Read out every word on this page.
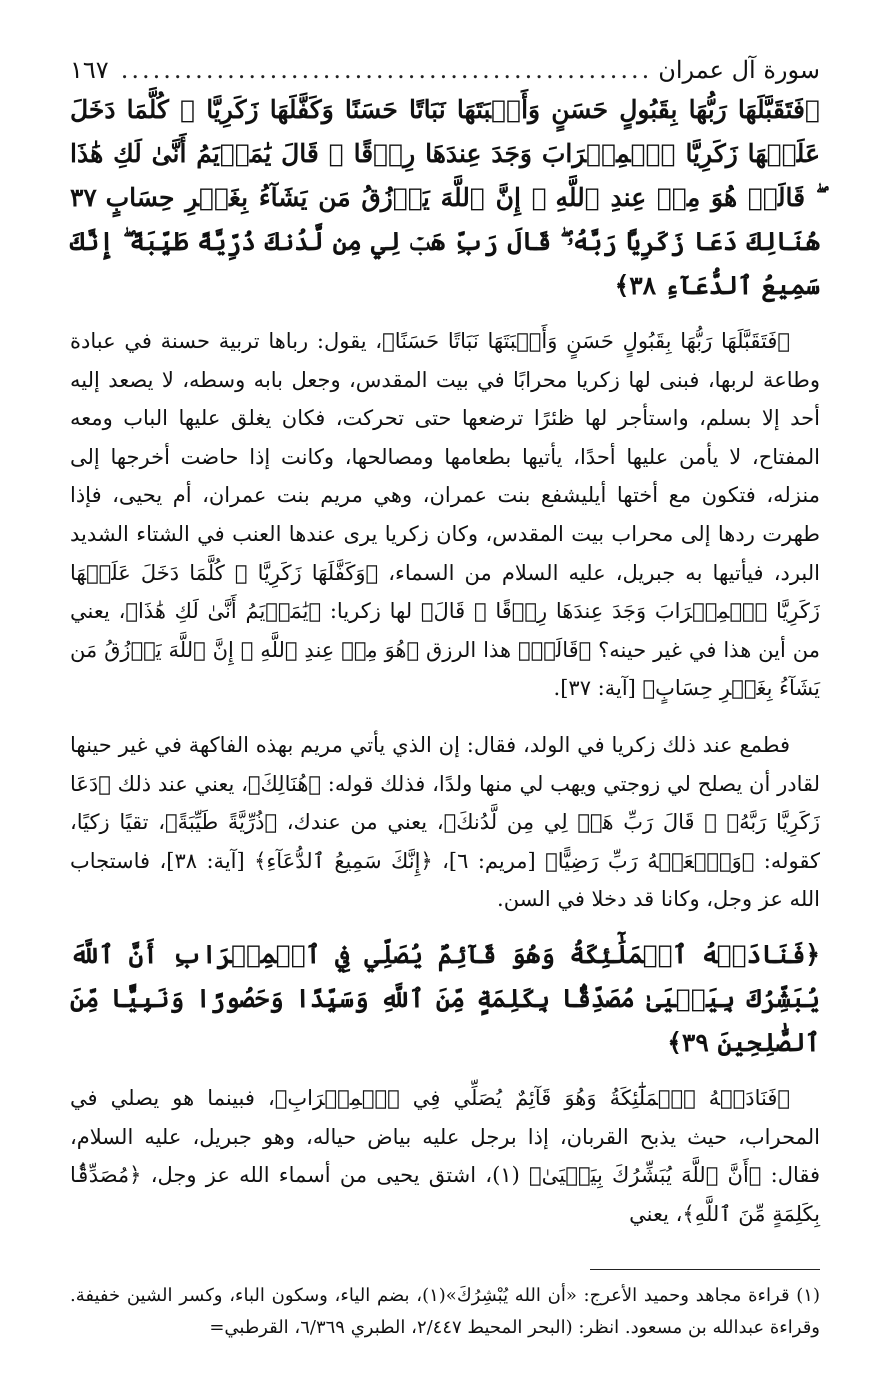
سورة آل عمران
..................................................
١٦٧

﴿فَتَقَبَّلَهَا رَبُّهَا بِقَبُولٍ حَسَنٍ وَأَنۢبَتَهَا نَبَاتًا حَسَنًا وَكَفَّلَهَا زَكَرِيَّا ۖ كُلَّمَا دَخَلَ عَلَيۡهَا زَكَرِيَّا ٱلۡمِحۡرَابَ وَجَدَ عِندَهَا رِزۡقًا ۖ قَالَ يَٰمَرۡيَمُ أَنَّىٰ لَكِ هَٰذَا ۖ قَالَتۡ هُوَ مِنۡ عِندِ ٱللَّهِ ۖ إِنَّ ٱللَّهَ يَرۡزُقُ مَن يَشَآءُ بِغَيۡرِ حِسَابٍ ٣٧ هُنَالِكَ دَعَا زَكَرِيَّا رَبَّهُۥ ۖ قَالَ رَبِّ هَبۡ لِي مِن لَّدُنكَ ذُرِّيَّةً طَيِّبَةً ۖ إِنَّكَ سَمِيعُ ٱلدُّعَآءِ ٣٨﴾

﴿فَتَقَبَّلَهَا رَبُّهَا بِقَبُولٍ حَسَنٍ وَأَنۢبَتَهَا نَبَاتًا حَسَنًا﴾، يقول: رباها تربية حسنة في عبادة وطاعة لربها، فبنى لها زكريا محرابًا في بيت المقدس، وجعل بابه وسطه، لا يصعد إليه أحد إلا بسلم، واستأجر لها ظئرًا ترضعها حتى تحركت، فكان يغلق عليها الباب ومعه المفتاح، لا يأمن عليها أحدًا، يأتيها بطعامها ومصالحها، وكانت إذا حاضت أخرجها إلى منزله، فتكون مع أختها أيليشفع بنت عمران، وهي مريم بنت عمران، أم يحيى، فإذا طهرت ردها إلى محراب بيت المقدس، وكان زكريا يرى عندها العنب في الشتاء الشديد البرد، فيأتيها به جبريل، عليه السلام من السماء، ﴿وَكَفَّلَهَا زَكَرِيَّا ۖ كُلَّمَا دَخَلَ عَلَيۡهَا زَكَرِيَّا ٱلۡمِحۡرَابَ وَجَدَ عِندَهَا رِزۡقًا ۖ قَالَ﴾ لها زكريا: ﴿يَٰمَرۡيَمُ أَنَّىٰ لَكِ هَٰذَا﴾، يعني من أين هذا في غير حينه؟ ﴿قَالَتۡ﴾ هذا الرزق ﴿هُوَ مِنۡ عِندِ ٱللَّهِ ۖ إِنَّ ٱللَّهَ يَرۡزُقُ مَن يَشَآءُ بِغَيۡرِ حِسَابٍ﴾ [آية: ٣٧].

فطمع عند ذلك زكريا في الولد، فقال: إن الذي يأتي مريم بهذه الفاكهة في غير حينها لقادر أن يصلح لي زوجتي ويهب لي منها ولدًا، فذلك قوله: ﴿هُنَالِكَ﴾، يعني عند ذلك ﴿دَعَا زَكَرِيَّا رَبَّهُۥ ۖ قَالَ رَبِّ هَبۡ لِي مِن لَّدُنكَ﴾، يعني من عندك، ﴿ذُرِّيَّةً طَيِّبَةً﴾، تقيًا زكيًا، كقوله: ﴿وَٱجۡعَلۡهُ رَبِّ رَضِيًّا﴾ [مريم: ٦]، ﴿إِنَّكَ سَمِيعُ ٱلدُّعَآءِ﴾ [آية: ٣٨]، فاستجاب الله عز وجل، وكانا قد دخلا في السن.

﴿فَنَادَتۡهُ ٱلۡمَلَٰٓئِكَةُ وَهُوَ قَآئِمٌ يُصَلِّي فِي ٱلۡمِحۡرَابِ أَنَّ ٱللَّهَ يُبَشِّرُكَ بِيَحۡيَىٰ مُصَدِّقًۢا بِكَلِمَةٍ مِّنَ ٱللَّهِ وَسَيِّدًا وَحَصُورًا وَنَبِيًّا مِّنَ ٱلصَّٰلِحِينَ ٣٩﴾

﴿فَنَادَتۡهُ ٱلۡمَلَٰٓئِكَةُ وَهُوَ قَآئِمٌ يُصَلِّي فِي ٱلۡمِحۡرَابِ﴾، فبينما هو يصلي في المحراب، حيث يذبح القربان، إذا برجل عليه بياض حياله، وهو جبريل، عليه السلام، فقال: ﴿أَنَّ ٱللَّهَ يُبَشِّرُكَ بِيَحۡيَىٰ﴾ (١)، اشتق يحيى من أسماء الله عز وجل، ﴿مُصَدِّقًۢا بِكَلِمَةٍ مِّنَ ٱللَّهِ﴾، يعني

(١) قراءة مجاهد وحميد الأعرج: «أن الله يُبْشِرُكَ»(١)، بضم الياء، وسكون الباء، وكسر الشين خفيفة. وقراءة عبدالله بن مسعود. انظر: (البحر المحيط ٢/٤٤٧، الطبري ٦/٣٦٩، القرطبي=
